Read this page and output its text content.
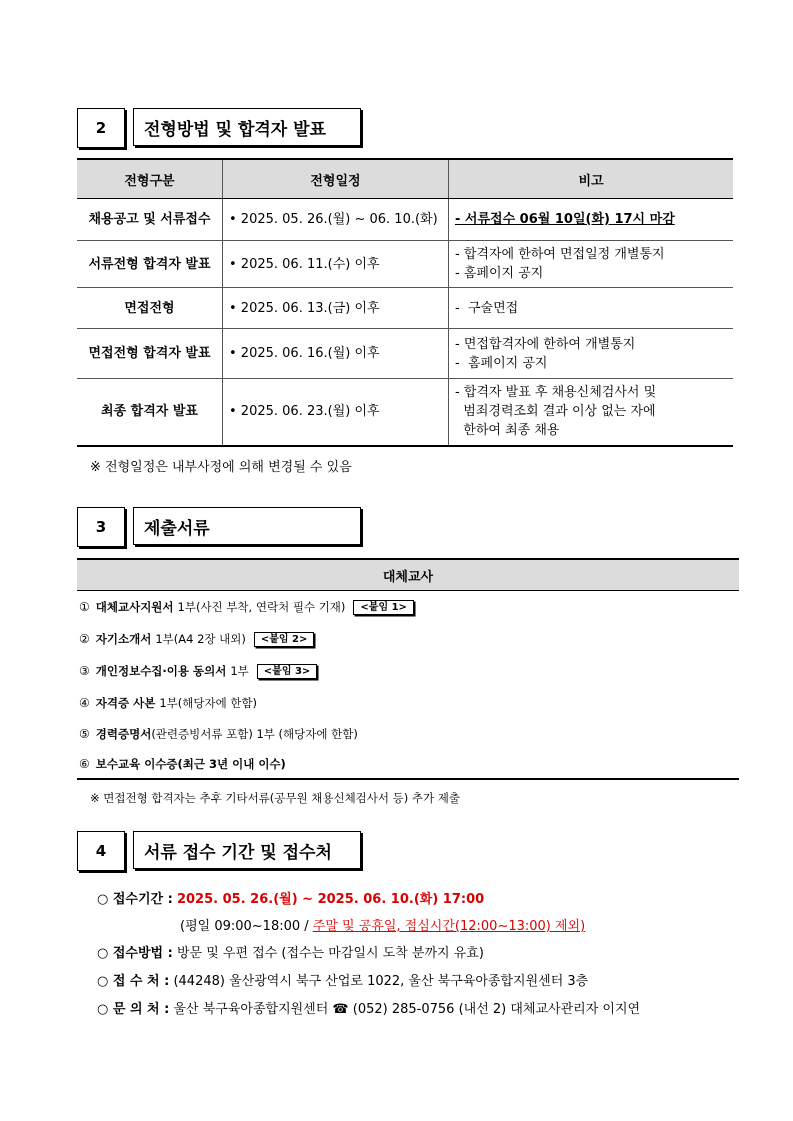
2	전형방법 및 합격자 발표
전형구분	전형일정	비고
채용공고 및 서류접수	• 2025. 05. 26.(월) ~ 06. 10.(화)	- 서류접수 06월 10일(화) 17시 마감

서류전형 합격자 발표	• 2025. 06. 11.(수) 이후	- 합격자에 한하여 면접일정 개별통지
- 홈페이지 공지

면접전형	• 2025. 06. 13.(금) 이후	-  구술면접

면접전형 합격자 발표	• 2025. 06. 16.(월) 이후	- 면접합격자에 한하여 개별통지
-  홈페이지 공지

최종 합격자 발표	• 2025. 06. 23.(월) 이후	- 합격자 발표 후 채용신체검사서 및
범죄경력조회 결과 이상 없는 자에
한하여 최종 채용
※ 전형일정은 내부사정에 의해 변경될 수 있음
3	제출서류
대체교사
① 대체교사지원서 1부(사진 부착, 연락처 필수 기재)	<붙임 1>
② 자기소개서 1부(A4 2장 내외)	<붙임 2>
③ 개인정보수집·이용 동의서 1부	<붙임 3>
④ 자격증 사본 1부(해당자에 한함)
⑤ 경력증명서 (관련증빙서류 포함) 1부 (해당자에 한함)
⑥ 보수교육 이수증(최근 3년 이내 이수)
※ 면접전형 합격자는 추후 기타서류(공무원 채용신체검사서 등) 추가 제출
4	서류 접수 기간 및 접수처
○ 접수기간 : 2025. 05. 26.(월) ~ 2025. 06. 10.(화) 17:00
(평일 09:00~18:00 / 주말 및 공휴일, 점심시간(12:00~13:00) 제외)
○ 접수방법 : 방문 및 우편 접수 (접수는 마감일시 도착 분까지 유효)
○ 접 수 처 : (44248) 울산광역시 북구 산업로 1022, 울산 북구육아종합지원센터 3층
○ 문 의 처 : 울산 북구육아종합지원센터 ☎ (052) 285-0756 (내선 2) 대체교사관리자 이지연
